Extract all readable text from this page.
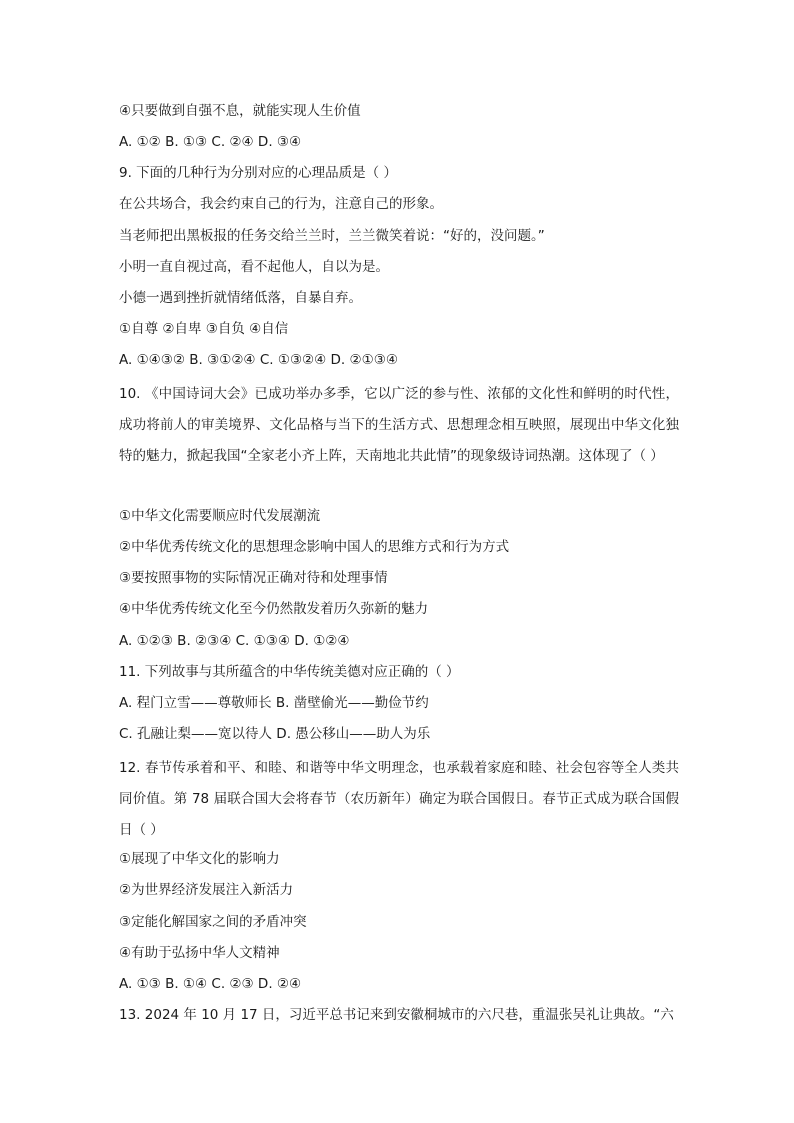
④只要做到自强不息，就能实现人生价值
A. ①② B. ①③ C. ②④ D. ③④
9. 下面的几种行为分别对应的心理品质是（ ）
在公共场合，我会约束自己的行为，注意自己的形象。
当老师把出黑板报的任务交给兰兰时，兰兰微笑着说：“好的，没问题。”
小明一直自视过高，看不起他人，自以为是。
小德一遇到挫折就情绪低落，自暴自弃。
①自尊 ②自卑 ③自负 ④自信
A. ①④③② B. ③①②④ C. ①③②④ D. ②①③④
10. 《中国诗词大会》已成功举办多季，它以广泛的参与性、浓郁的文化性和鲜明的时代性，成功将前人的审美境界、文化品格与当下的生活方式、思想理念相互映照，展现出中华文化独特的魅力，掀起我国“全家老小齐上阵，天南地北共此情”的现象级诗词热潮。这体现了（ ）
①中华文化需要顺应时代发展潮流
②中华优秀传统文化的思想理念影响中国人的思维方式和行为方式
③要按照事物的实际情况正确对待和处理事情
④中华优秀传统文化至今仍然散发着历久弥新的魅力
A. ①②③ B. ②③④ C. ①③④ D. ①②④
11. 下列故事与其所蕴含的中华传统美德对应正确的（ ）
A. 程门立雪——尊敬师长 B. 凿壁偷光——勤俭节约
C. 孔融让梨——宽以待人 D. 愚公移山——助人为乐
12. 春节传承着和平、和睦、和谐等中华文明理念，也承载着家庭和睦、社会包容等全人类共同价值。第 78 届联合国大会将春节（农历新年）确定为联合国假日。春节正式成为联合国假日（ ）
①展现了中华文化的影响力
②为世界经济发展注入新活力
③定能化解国家之间的矛盾冲突
④有助于弘扬中华人文精神
A. ①③ B. ①④ C. ②③ D. ②④
13. 2024 年 10 月 17 日，习近平总书记来到安徽桐城市的六尺巷，重温张吴礼让典故。“六
